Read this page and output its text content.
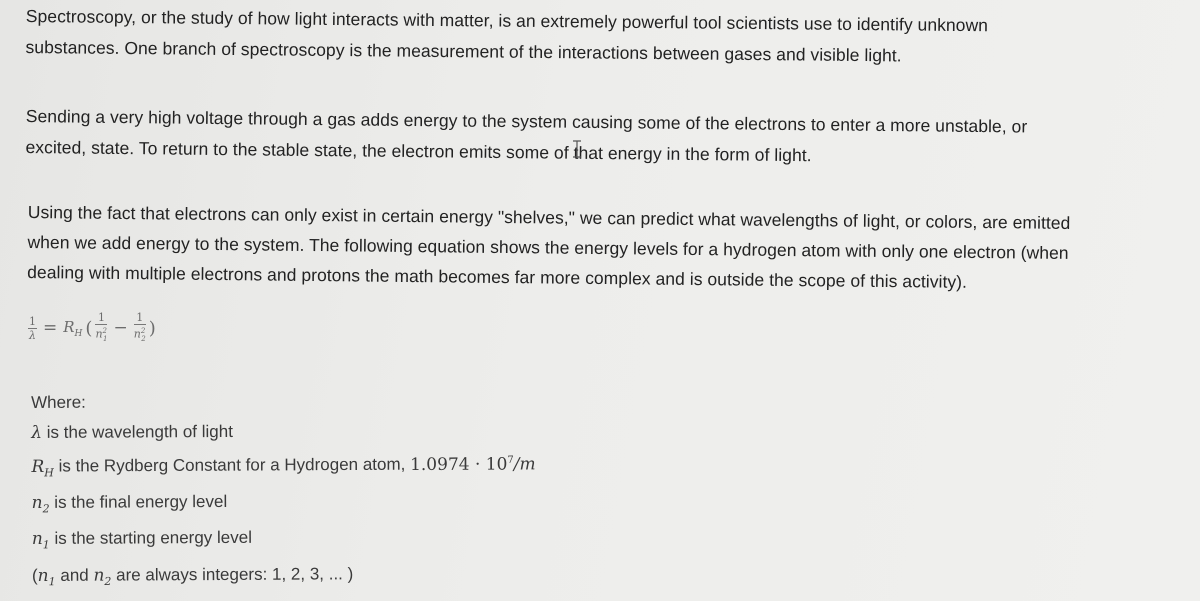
Spectroscopy, or the study of how light interacts with matter, is an extremely powerful tool scientists use to identify unknown
substances. One branch of spectroscopy is the measurement of the interactions between gases and visible light.
Sending a very high voltage through a gas adds energy to the system causing some of the electrons to enter a more unstable, or
excited, state. To return to the stable state, the electron emits some of that energy in the form of light.
Using the fact that electrons can only exist in certain energy "shelves," we can predict what wavelengths of light, or colors, are emitted
when we add energy to the system. The following equation shows the energy levels for a hydrogen atom with only one electron (when
dealing with multiple electrons and protons the math becomes far more complex and is outside the scope of this activity).
$\frac{1}{\lambda} = R_H$ ( $\frac{1}{n^2_1} - \frac{1}{n^2_2}$ )
Where:
λ is the wavelength of light
$R_H$ is the Rydberg Constant for a Hydrogen atom, $1.0974 \cdot 10^7/m$
$n_2$ is the final energy level
$n_1$ is the starting energy level
($n_1$ and $n_2$ are always integers: 1, 2, 3, ... )
